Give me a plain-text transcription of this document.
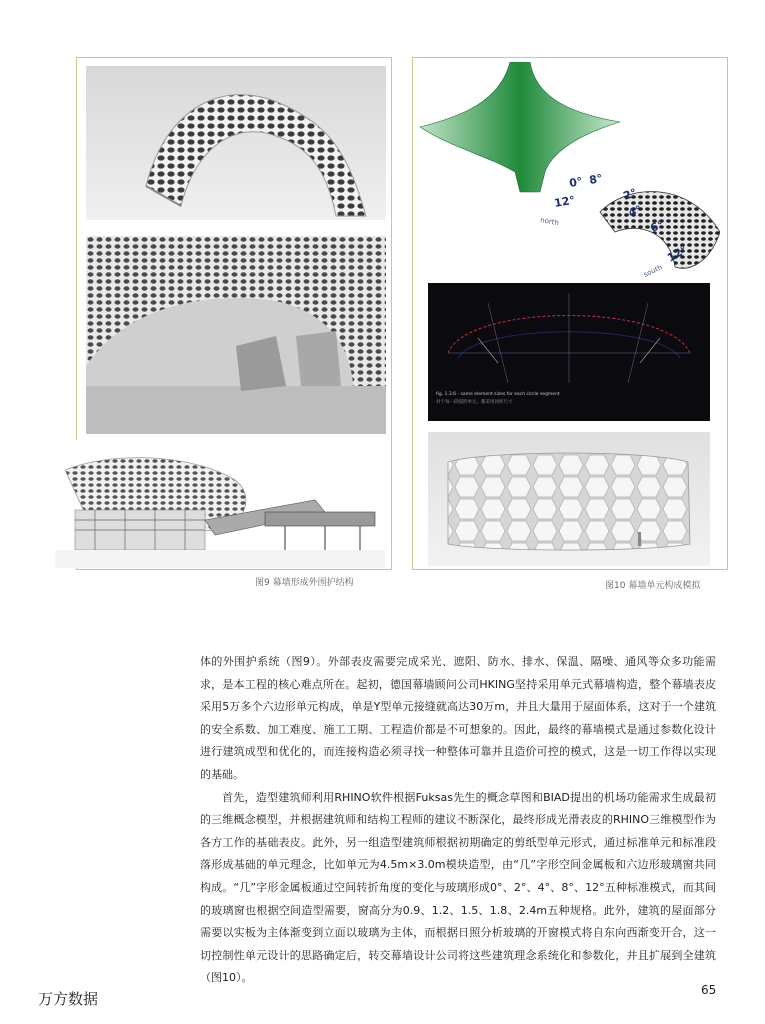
图9 幕墙形成外围护结构
0° 8°
12°	2°
4°
6°
12°
north
south
fig. 1.3.6 - same element sizes for each circle segment
对于每一段弧形单元，都采用同样尺寸
图10 幕墙单元构成模拟

体的外围护系统（图9）。外部表皮需要完成采光、遮阳、防水、排水、保温、隔噪、通风等众多功能需求，是本工程的核心难点所在。起初，德国幕墙顾问公司HKING坚持采用单元式幕墙构造，整个幕墙表皮采用5万多个六边形单元构成，单是Y型单元接缝就高达30万m，并且大量用于屋面体系，这对于一个建筑的安全系数、加工难度、施工工期、工程造价都是不可想象的。因此，最终的幕墙模式是通过参数化设计进行建筑成型和优化的，而连接构造必须寻找一种整体可靠并且造价可控的模式，这是一切工作得以实现的基础。

首先，造型建筑师利用RHINO软件根据Fuksas先生的概念草图和BIAD提出的机场功能需求生成最初的三维概念模型，并根据建筑师和结构工程师的建议不断深化，最终形成光滑表皮的RHINO三维模型作为各方工作的基础表皮。此外，另一组造型建筑师根据初期确定的剪纸型单元形式，通过标准单元和标准段落形成基础的单元理念，比如单元为4.5m×3.0m模块造型，由“几”字形空间金属板和六边形玻璃窗共同构成。“几”字形金属板通过空间转折角度的变化与玻璃形成0°、2°、4°、8°、12°五种标准模式，而其间的玻璃窗也根据空间造型需要，窗高分为0.9、1.2、1.5、1.8、2.4m五种规格。此外，建筑的屋面部分需要以实板为主体渐变到立面以玻璃为主体，而根据日照分析玻璃的开窗模式将自东向西渐变开合，这一切控制性单元设计的思路确定后，转交幕墙设计公司将这些建筑理念系统化和参数化，并且扩展到全建筑（图10）。

万方数据	65
